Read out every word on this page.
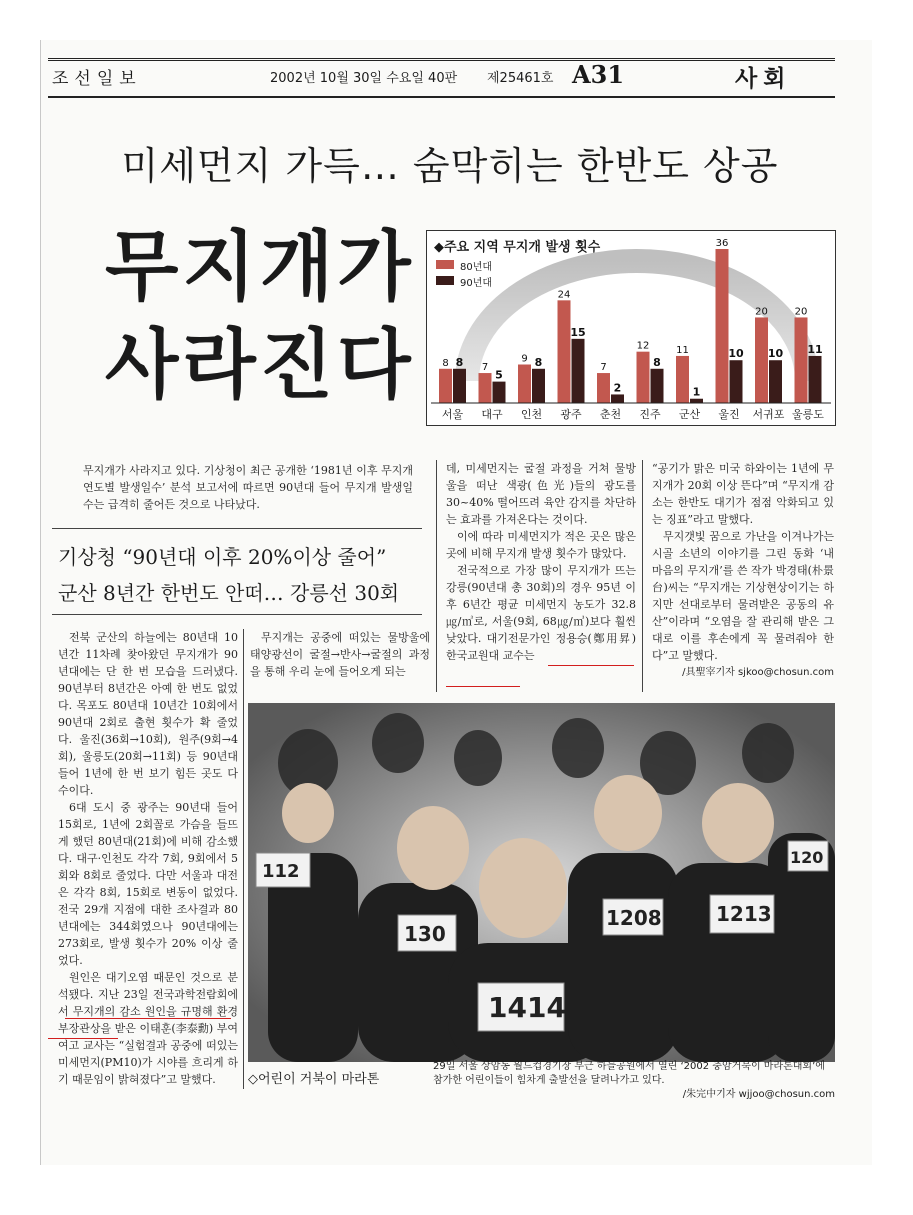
조선일보	2002년 10월 30일 수요일 40판 제25461호 A31	사회
미세먼지 가득… 숨막히는 한반도 상공
무지개가
사라진다	8 8
서울
7
5
대구
9 8
인천
24
15
광주
7
2
춘천
12
8
진주
11
1
군산
36
10
울진
20
10
서귀포
20
11
울릉도
◆주요 지역 무지개 발생 횟수
80년대
90년대
무지개가 사라지고 있다. 기상청이 최근 공개한 ‘1981년 이후 무지개 연도별 발생일수’ 분석 보고서에 따르면 90년대 들어 무지개 발생일수는 급격히 줄어든 것으로 나타났다.
기상청 “90년대 이후 20%이상 줄어”
군산 8년간 한번도 안떠… 강릉선 30회

전북 군산의 하늘에는 80년대 10년간 11차례 찾아왔던 무지개가 90년대에는 단 한 번 모습을 드러냈다. 90년부터 8년간은 아예 한 번도 없었다. 목포도 80년대 10년간 10회에서 90년대 2회로 출현 횟수가 확 줄었다. 울진(36회→10회), 원주(9회→4회), 울릉도(20회→11회) 등 90년대 들어 1년에 한 번 보기 힘든 곳도 다수이다.

6대 도시 중 광주는 90년대 들어 15회로, 1년에 2회꼴로 가슴을 들뜨게 했던 80년대(21회)에 비해 감소했다. 대구·인천도 각각 7회, 9회에서 5회와 8회로 줄었다. 다만 서울과 대전은 각각 8회, 15회로 변동이 없었다. 전국 29개 지점에 대한 조사결과 80년대에는 344회였으나 90년대에는 273회로, 발생 횟수가 20% 이상 줄었다.

원인은 대기오염 때문인 것으로 분석됐다. 지난 23일 전국과학전람회에서 무지개의 감소 원인을 규명해 환경부장관상을 받은 이태훈(李泰勳) 부여여고 교사는 “실험결과 공중에 떠있는 미세먼지(PM10)가 시야를 흐리게 하기 때문임이 밝혀졌다”고 말했다.

무지개는 공중에 떠있는 물방울에 태양광선이 굴절→반사→굴절의 과정을 통해 우리 눈에 들어오게 되는

데, 미세먼지는 굴절 과정을 거쳐 물방울을 떠난 색광(色光)들의 광도를 30~40% 떨어뜨려 육안 감지를 차단하는 효과를 가져온다는 것이다.

이에 따라 미세먼지가 적은 곳은 많은 곳에 비해 무지개 발생 횟수가 많았다.

전국적으로 가장 많이 무지개가 뜨는 강릉(90년대 총 30회)의 경우 95년 이후 6년간 평균 미세먼지 농도가 32.8㎍/㎥로, 서울(9회, 68㎍/㎥)보다 훨씬 낮았다. 대기전문가인 정용승(鄭用昇) 한국교원대 교수는

“공기가 맑은 미국 하와이는 1년에 무지개가 20회 이상 뜬다”며 “무지개 감소는 한반도 대기가 점점 악화되고 있는 징표”라고 말했다.

무지갯빛 꿈으로 가난을 이겨나가는 시골 소년의 이야기를 그린 동화 ‘내 마음의 무지개’를 쓴 작가 박경태(朴景台)씨는 “무지개는 기상현상이기는 하지만 선대로부터 물려받은 공동의 유산”이라며 “오염을 잘 관리해 받은 그대로 이를 후손에게 꼭 물려줘야 한다”고 말했다.

/具聖宰기자 sjkoo@chosun.com

112
130
1414
1208	1213
120
◇어린이 거북이 마라톤
29일 서울 상암동 월드컵경기장 부근 하늘공원에서 열린 ‘2002 충암거북이 마라톤대회’에 참가한 어린이들이 힘차게 출발선을 달려나가고 있다.
/朱完中기자 wjjoo@chosun.com
